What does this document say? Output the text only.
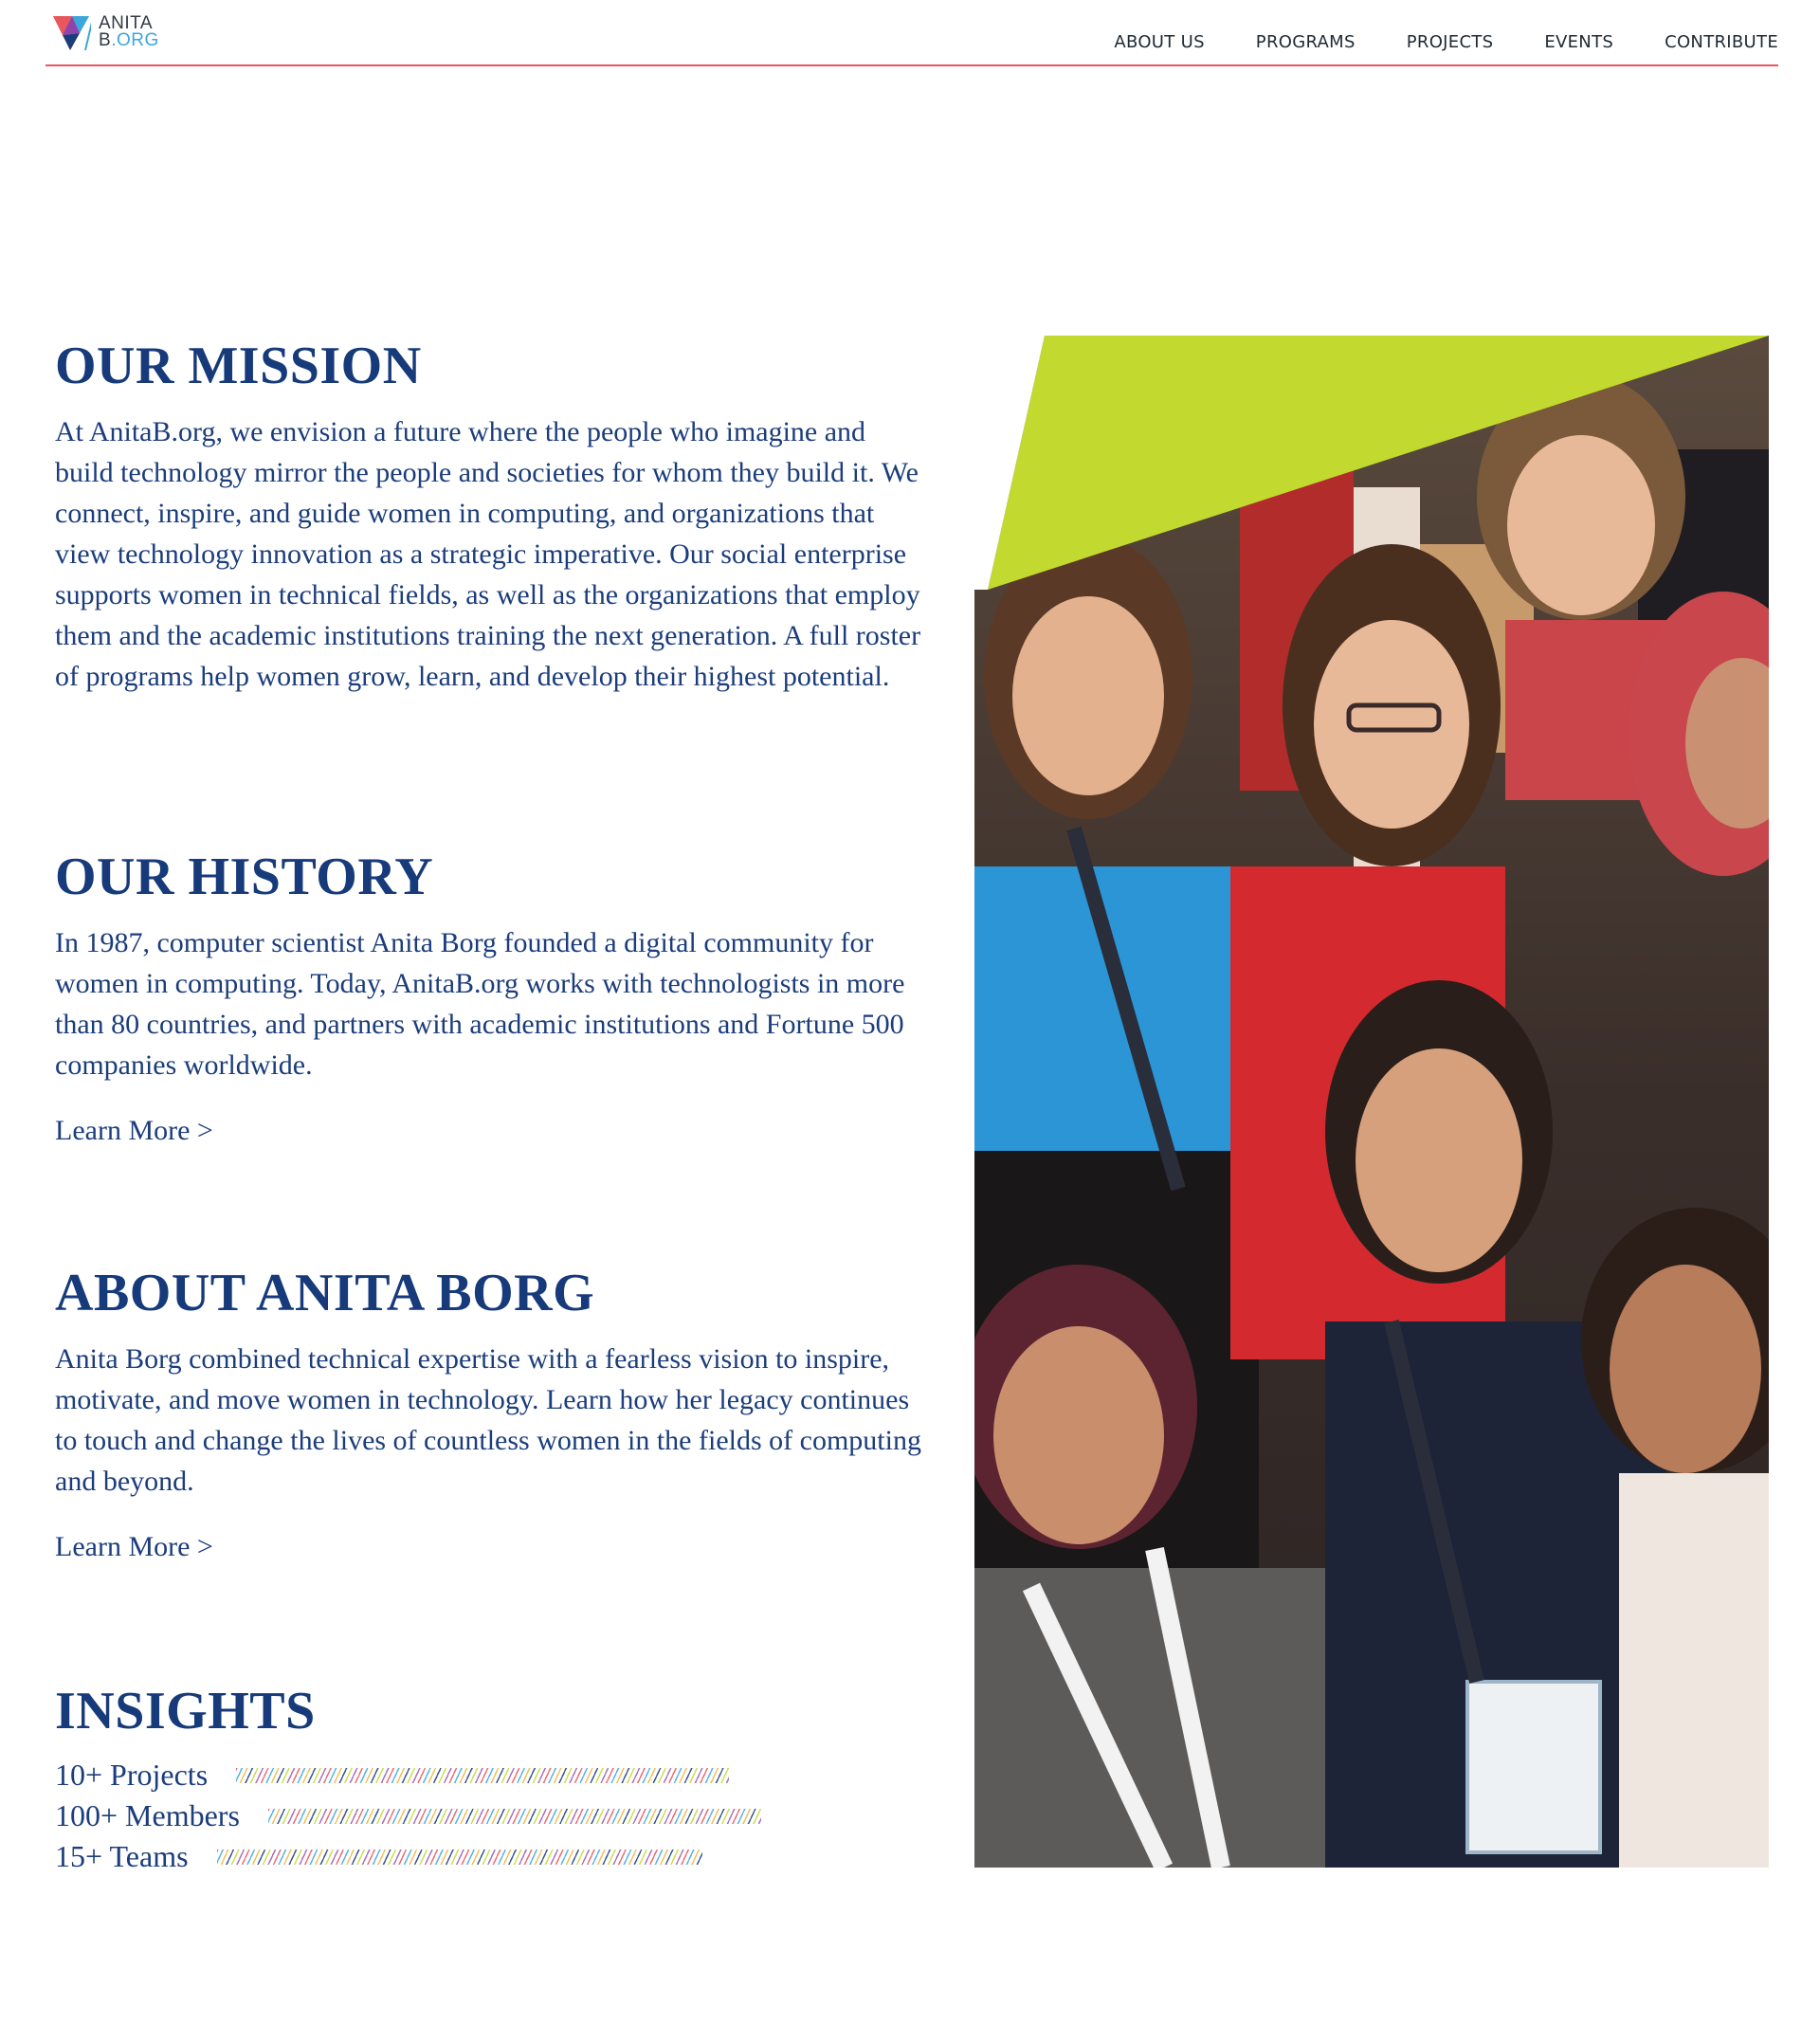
ANITA
B.ORG	ABOUT US	PROGRAMS	PROJECTS	EVENTS	CONTRIBUTE
OUR MISSION

At AnitaB.org, we envision a future where the people who imagine and build technology mirror the people and societies for whom they build it. We connect, inspire, and guide women in computing, and organizations that view technology innovation as a strategic imperative. Our social enterprise supports women in technical fields, as well as the organizations that employ them and the academic institutions training the next generation. A full roster of programs help women grow, learn, and develop their highest potential.

OUR HISTORY

In 1987, computer scientist Anita Borg founded a digital community for women in computing. Today, AnitaB.org works with technologists in more than 80 countries, and partners with academic institutions and Fortune 500 companies worldwide.

Learn More >
ABOUT ANITA BORG

Anita Borg combined technical expertise with a fearless vision to inspire, motivate, and move women in technology. Learn how her legacy continues to touch and change the lives of countless women in the fields of computing and beyond.

Learn More >
INSIGHTS
10+ Projects
100+ Members
15+ Teams
